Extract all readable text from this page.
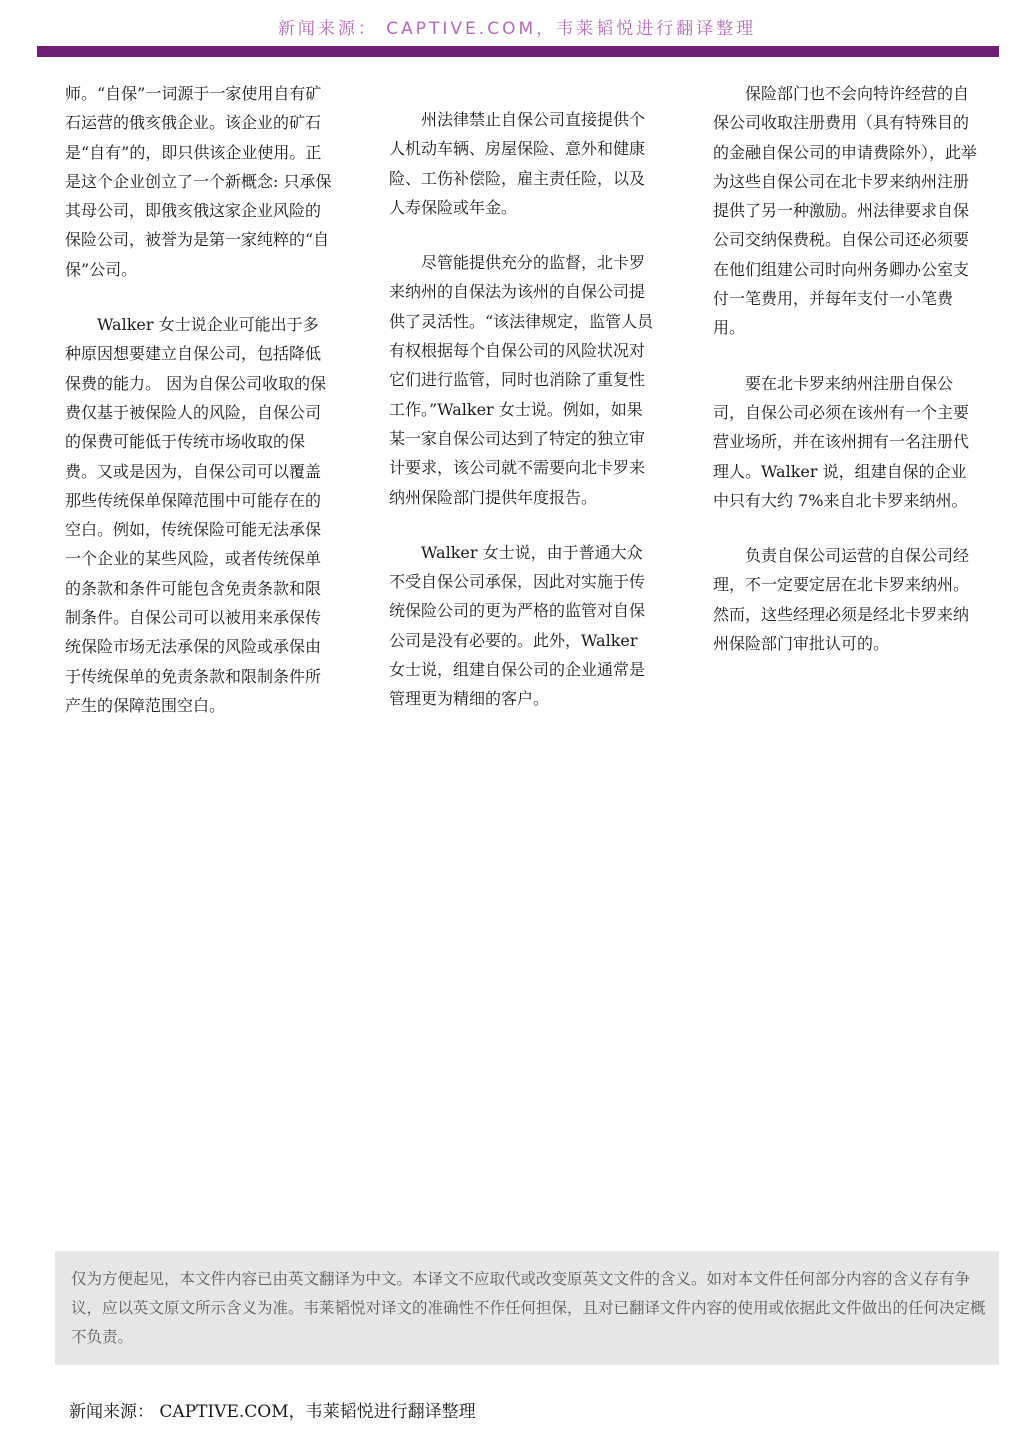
新闻来源： CAPTIVE.COM，韦莱韬悦进行翻译整理

师。“自保”一词源于一家使用自有矿石运营的俄亥俄企业。该企业的矿石是“自有”的，即只供该企业使用。正是这个企业创立了一个新概念: 只承保其母公司，即俄亥俄这家企业风险的保险公司，被誉为是第一家纯粹的“自保”公司。

Walker 女士说企业可能出于多种原因想要建立自保公司，包括降低保费的能力。 因为自保公司收取的保费仅基于被保险人的风险，自保公司的保费可能低于传统市场收取的保费。又或是因为，自保公司可以覆盖那些传统保单保障范围中可能存在的空白。例如，传统保险可能无法承保一个企业的某些风险，或者传统保单的条款和条件可能包含免责条款和限制条件。自保公司可以被用来承保传统保险市场无法承保的风险或承保由于传统保单的免责条款和限制条件所产生的保障范围空白。

州法律禁止自保公司直接提供个人机动车辆、房屋保险、意外和健康险、工伤补偿险，雇主责任险，以及人寿保险或年金。

尽管能提供充分的监督，北卡罗来纳州的自保法为该州的自保公司提供了灵活性。“该法律规定，监管人员有权根据每个自保公司的风险状况对它们进行监管，同时也消除了重复性工作。”Walker 女士说。例如，如果某一家自保公司达到了特定的独立审计要求，该公司就不需要向北卡罗来纳州保险部门提供年度报告。

Walker 女士说，由于普通大众不受自保公司承保，因此对实施于传统保险公司的更为严格的监管对自保公司是没有必要的。此外，Walker 女士说，组建自保公司的企业通常是管理更为精细的客户。

保险部门也不会向特许经营的自保公司收取注册费用（具有特殊目的的金融自保公司的申请费除外），此举为这些自保公司在北卡罗来纳州注册提供了另一种激励。州法律要求自保公司交纳保费税。自保公司还必须要在他们组建公司时向州务卿办公室支付一笔费用，并每年支付一小笔费用。

要在北卡罗来纳州注册自保公司，自保公司必须在该州有一个主要营业场所，并在该州拥有一名注册代理人。Walker 说，组建自保的企业中只有大约 7%来自北卡罗来纳州。

负责自保公司运营的自保公司经理，不一定要定居在北卡罗来纳州。然而，这些经理必须是经北卡罗来纳州保险部门审批认可的。

仅为方便起见，本文件内容已由英文翻译为中文。本译文不应取代或改变原英文文件的含义。如对本文件任何部分内容的含义存有争议，应以英文原文所示含义为准。韦莱韬悦对译文的准确性不作任何担保，且对已翻译文件内容的使用或依据此文件做出的任何决定概不负责。
新闻来源： CAPTIVE.COM，韦莱韬悦进行翻译整理
